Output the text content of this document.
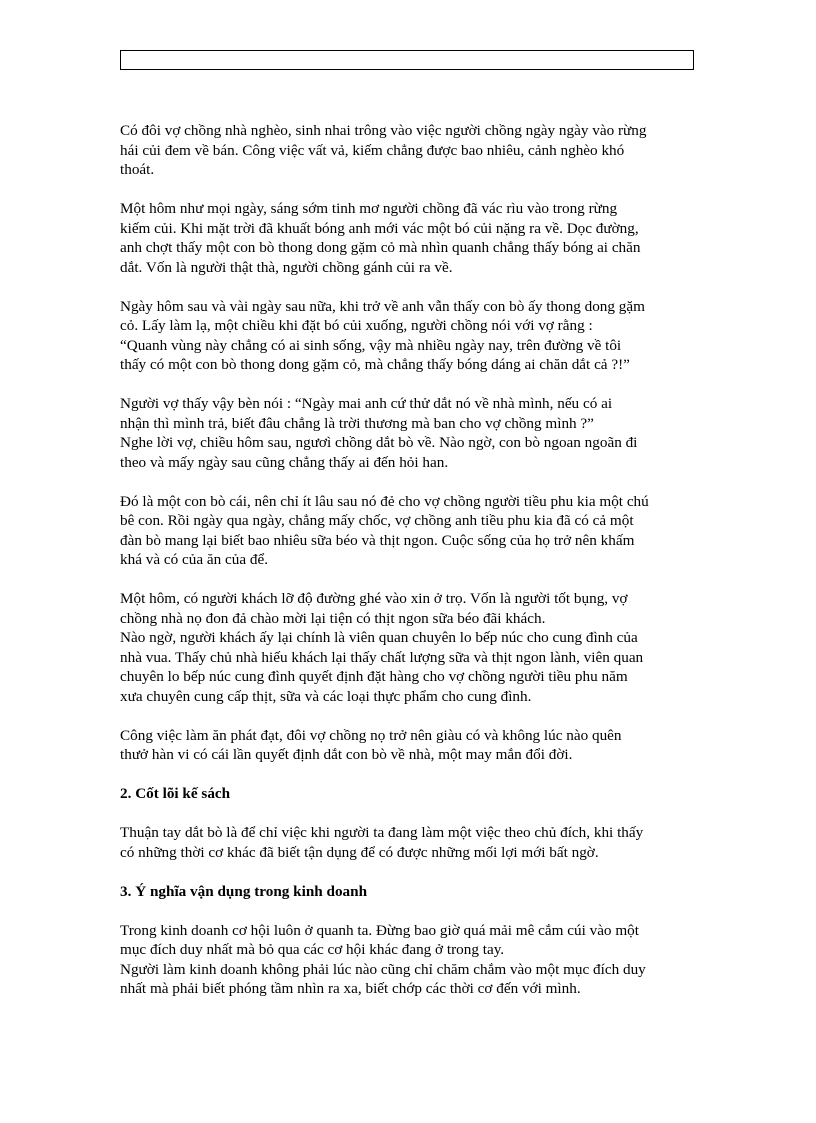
Có đôi vợ chồng nhà nghèo, sinh nhai trông vào việc người chồng ngày ngày vào rừng
hái củi đem về bán. Công việc vất vả, kiếm chẳng được bao nhiêu, cảnh nghèo khó
thoát.

Một hôm như mọi ngày, sáng sớm tinh mơ người chồng đã vác rìu vào trong rừng
kiếm củi. Khi mặt trời đã khuất bóng anh mới vác một bó củi nặng ra về. Dọc đường,
anh chợt thấy một con bò thong dong gặm cỏ mà nhìn quanh chẳng thấy bóng ai chăn
dắt. Vốn là người thật thà, người chồng gánh củi ra về.

Ngày hôm sau và vài ngày sau nữa, khi trở về anh vẫn thấy con bò ấy thong dong gặm
cỏ. Lấy làm lạ, một chiều khi đặt bó củi xuống, người chồng nói với vợ rằng :
“Quanh vùng này chẳng có ai sinh sống, vậy mà nhiều ngày nay, trên đường về tôi
thấy có một con bò thong dong gặm cỏ, mà chẳng thấy bóng dáng ai chăn dắt cả ?!”

Người vợ thấy vậy bèn nói : “Ngày mai anh cứ thử dắt nó về nhà mình, nếu có ai
nhận thì mình trả, biết đâu chẳng là trời thương mà ban cho vợ chồng mình ?”
Nghe lời vợ, chiều hôm sau, ngươì chồng dắt bò về. Nào ngờ, con bò ngoan ngoãn đi
theo và mấy ngày sau cũng chẳng thấy ai đến hỏi han.

Đó là một con bò cái, nên chỉ ít lâu sau nó đẻ cho vợ chồng người tiều phu kia một chú
bê con. Rồi ngày qua ngày, chẳng mấy chốc, vợ chồng anh tiều phu kia đã có cả một
đàn bò mang lại biết bao nhiêu sữa béo và thịt ngon. Cuộc sống của họ trở nên khấm
khá và có của ăn của để.

Một hôm, có người khách lỡ độ đường ghé vào xin ở trọ. Vốn là người tốt bụng, vợ
chồng nhà nọ đon đả chào mời lại tiện có thịt ngon sữa béo đãi khách.
Nào ngờ, người khách ấy lại chính là viên quan chuyên lo bếp núc cho cung đình của
nhà vua. Thấy chủ nhà hiếu khách lại thấy chất lượng sữa và thịt ngon lành, viên quan
chuyên lo bếp núc cung đình quyết định đặt hàng cho vợ chồng người tiều phu năm
xưa chuyên cung cấp thịt, sữa và các loại thực phẩm cho cung đình.

Công việc làm ăn phát đạt, đôi vợ chồng nọ trở nên giàu có và không lúc nào quên
thưở hàn vi có cái lần quyết định dắt con bò về nhà, một may mắn đổi đời.

2. Cốt lõi kế sách

Thuận tay dắt bò là để chỉ việc khi người ta đang làm một việc theo chủ đích, khi thấy
có những thời cơ khác đã biết tận dụng để có được những mối lợi mới bất ngờ.

3. Ý nghĩa vận dụng trong kinh doanh

Trong kinh doanh cơ hội luôn ở quanh ta. Đừng bao giờ quá mải mê cắm cúi vào một
mục đích duy nhất mà bỏ qua các cơ hội khác đang ở trong tay.
Người làm kinh doanh không phải lúc nào cũng chỉ chăm chắm vào một mục đích duy
nhất mà phải biết phóng tầm nhìn ra xa, biết chớp các thời cơ đến với mình.
